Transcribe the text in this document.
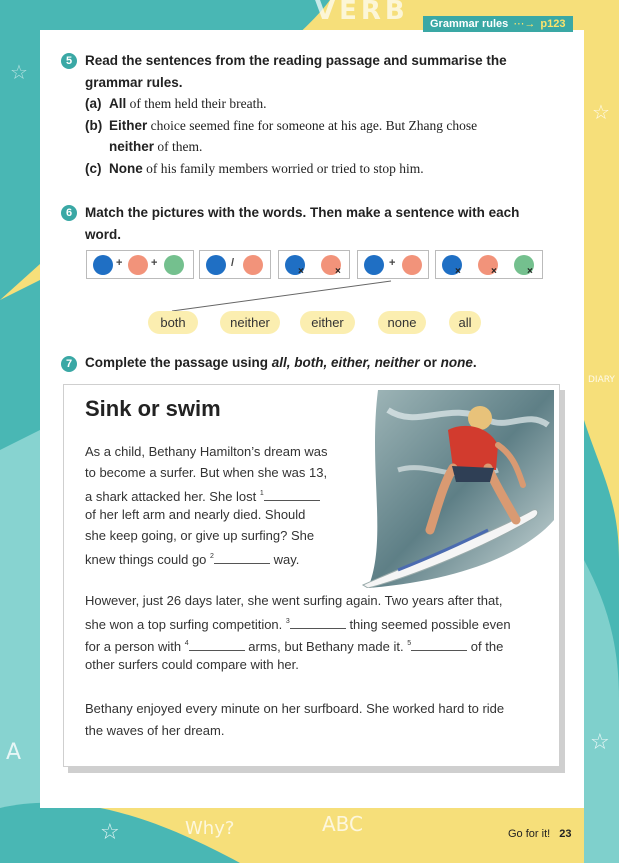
VERB
ABC
Why?
A
DIARY
☆
☆
☆
☆
Grammar rules ⋯→ p123
5 Read the sentences from the reading passage and summarise the
grammar rules.
(a) All of them held their breath.
(b) Either choice seemed fine for someone at his age. But Zhang chose
neither of them.
(c) None of his family members worried or tried to stop him.
6 Match the pictures with the words. Then make a sentence with each
word.
+	+	/
×	×
+
×	×	×
both	neither	either	none	all
7 Complete the passage using all, both, either, neither or none.
Sink or swim
As a child, Bethany Hamilton’s dream was
to become a surfer. But when she was 13,
a shark attacked her. She lost $^1$
of her left arm and nearly died. Should
she keep going, or give up surfing? She
knew things could go $^2$	way.
However, just 26 days later, she went surfing again. Two years after that,
she won a top surfing competition. $^3$	thing seemed possible even
for a person with $^4$	arms, but Bethany made it. $^5$	of the
other surfers could compare with her.
Bethany enjoyed every minute on her surfboard. She worked hard to ride
the waves of her dream.
Go for it! 23
